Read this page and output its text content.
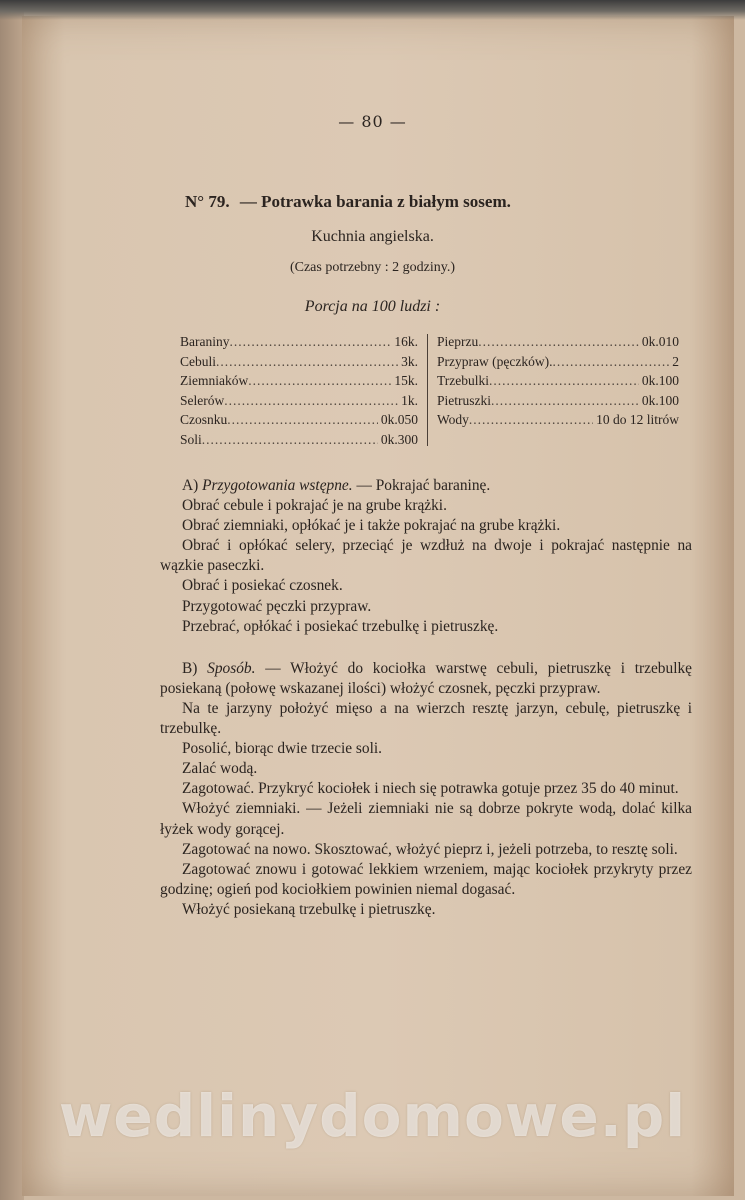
— 80 —
N° 79. — Potrawka barania z białym sosem.
Kuchnia angielska.
(Czas potrzebny : 2 godziny.)
Porcja na 100 ludzi :
Baraniny .....	16k.
Cebuli .....	3k.
Ziemniaków .....	15k.
Selerów .....	1k.
Czosnku .....	0k.050
Soli .....	0k.300
Pieprzu .....	0k.010
Przypraw (pęczków). .....	2
Trzebulki .....	0k.100
Pietruszki .....	0k.100
Wody .....	10 do 12 litrów

A) Przygotowania wstępne. — Pokrajać baraninę.

Obrać cebule i pokrajać je na grube krążki.

Obrać ziemniaki, opłókać je i także pokrajać na grube krążki.

Obrać i opłókać selery, przeciąć je wzdłuż na dwoje i pokrajać następnie na wązkie paseczki.

Obrać i posiekać czosnek.

Przygotować pęczki przypraw.

Przebrać, opłókać i posiekać trzebulkę i pietruszkę.

B) Sposób. — Włożyć do kociołka warstwę cebuli, pietruszkę i trzebulkę posiekaną (połowę wskazanej ilości) włożyć czosnek, pęczki przypraw.

Na te jarzyny położyć mięso a na wierzch resztę jarzyn, cebulę, pietruszkę i trzebulkę.

Posolić, biorąc dwie trzecie soli.

Zalać wodą.

Zagotować. Przykryć kociołek i niech się potrawka gotuje przez 35 do 40 minut.

Włożyć ziemniaki. — Jeżeli ziemniaki nie są dobrze pokryte wodą, dolać kilka łyżek wody gorącej.

Zagotować na nowo. Skosztować, włożyć pieprz i, jeżeli potrzeba, to resztę soli.

Zagotować znowu i gotować lekkiem wrzeniem, mając kociołek przykryty przez godzinę; ogień pod kociołkiem powinien niemal dogasać.

Włożyć posiekaną trzebulkę i pietruszkę.

wedlinydomowe.pl
